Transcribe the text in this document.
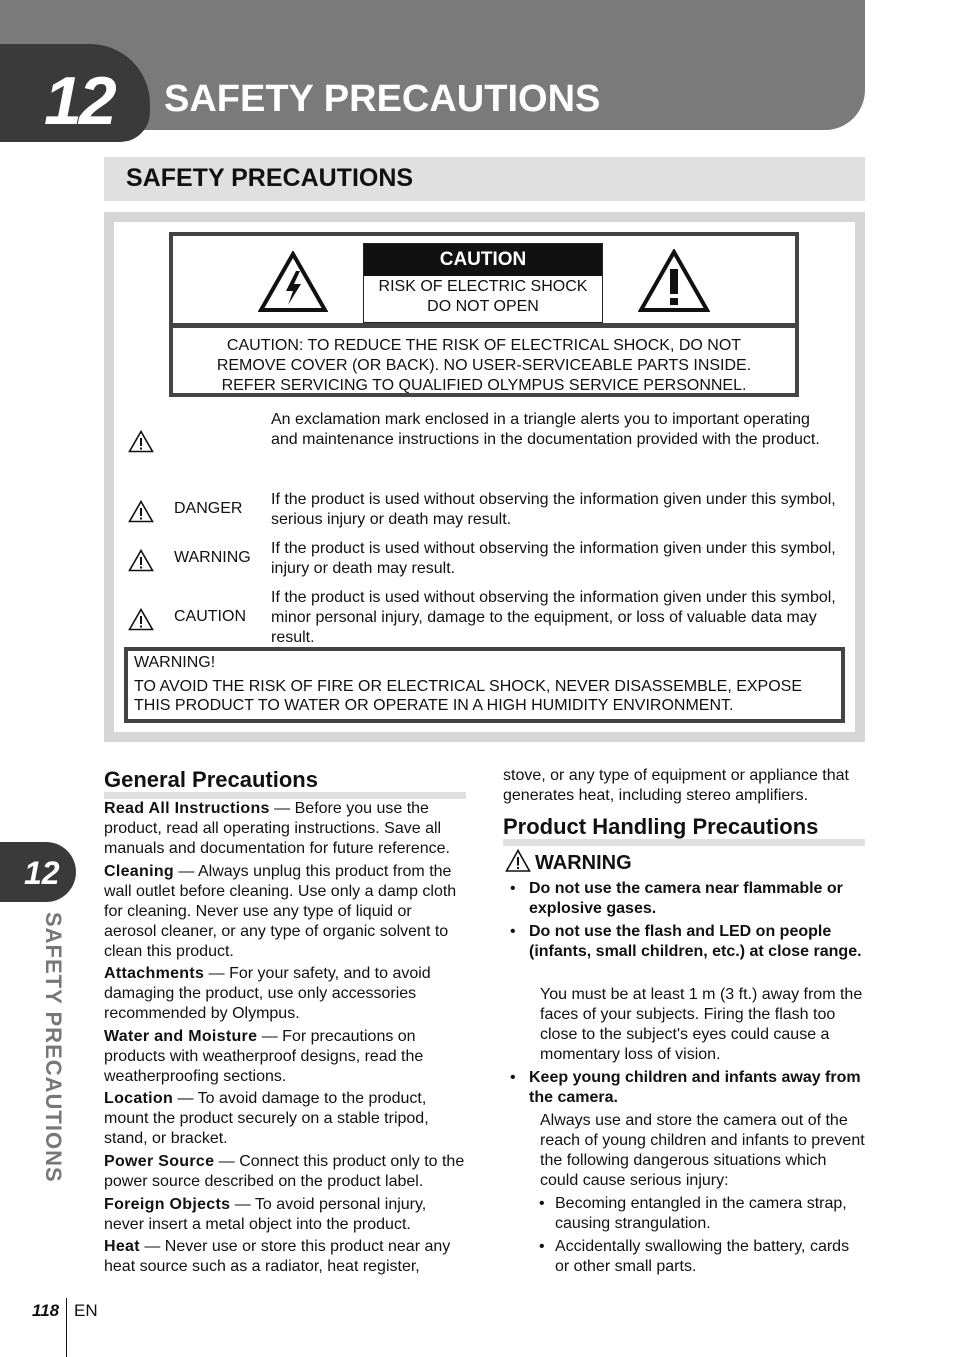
12 SAFETY PRECAUTIONS
SAFETY PRECAUTIONS
CAUTION
RISK OF ELECTRIC SHOCK
DO NOT OPEN
CAUTION: TO REDUCE THE RISK OF ELECTRICAL SHOCK, DO NOT
REMOVE COVER (OR BACK). NO USER-SERVICEABLE PARTS INSIDE.
REFER SERVICING TO QUALIFIED OLYMPUS SERVICE PERSONNEL.
An exclamation mark enclosed in a triangle alerts you to important operating and maintenance instructions in the documentation provided with the product.
DANGER
If the product is used without observing the information given under this symbol, serious injury or death may result.
WARNING
If the product is used without observing the information given under this symbol, injury or death may result.
CAUTION
If the product is used without observing the information given under this symbol, minor personal injury, damage to the equipment, or loss of valuable data may result.
WARNING!
TO AVOID THE RISK OF FIRE OR ELECTRICAL SHOCK, NEVER DISASSEMBLE, EXPOSE THIS PRODUCT TO WATER OR OPERATE IN A HIGH HUMIDITY ENVIRONMENT.
General Precautions
Read All Instructions — Before you use the product, read all operating instructions. Save all manuals and documentation for future reference.
Cleaning — Always unplug this product from the wall outlet before cleaning. Use only a damp cloth for cleaning. Never use any type of liquid or aerosol cleaner, or any type of organic solvent to clean this product.
Attachments — For your safety, and to avoid damaging the product, use only accessories recommended by Olympus.
Water and Moisture — For precautions on products with weatherproof designs, read the weatherproofing sections.
Location — To avoid damage to the product, mount the product securely on a stable tripod, stand, or bracket.
Power Source — Connect this product only to the power source described on the product label.
Foreign Objects — To avoid personal injury, never insert a metal object into the product.
Heat — Never use or store this product near any heat source such as a radiator, heat register,
stove, or any type of equipment or appliance that generates heat, including stereo amplifiers.
Product Handling Precautions
WARNING
• Do not use the camera near flammable or explosive gases.
• Do not use the flash and LED on people (infants, small children, etc.) at close range.
You must be at least 1 m (3 ft.) away from the faces of your subjects. Firing the flash too close to the subject's eyes could cause a momentary loss of vision.
• Keep young children and infants away from the camera.
Always use and store the camera out of the reach of young children and infants to prevent the following dangerous situations which could cause serious injury:
• Becoming entangled in the camera strap, causing strangulation.
• Accidentally swallowing the battery, cards or other small parts.
12
SAFETY PRECAUTIONS
118 EN
